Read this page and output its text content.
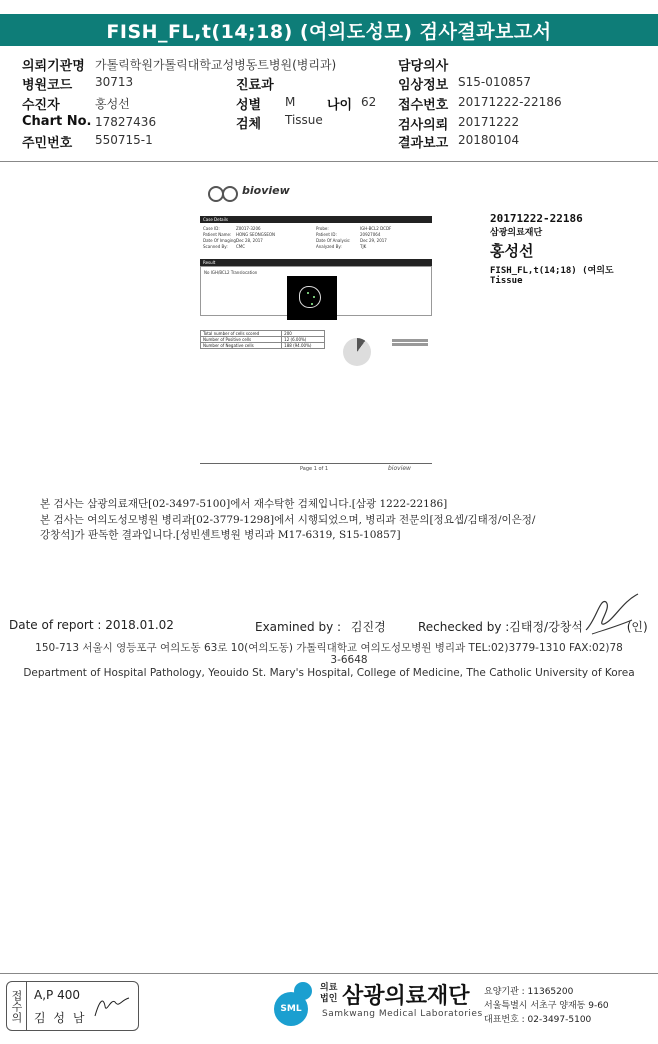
FISH_FL,t(14;18) (여의도성모) 검사결과보고서
의뢰기관명 가톨릭학원가톨릭대학교성병동트병원(병리과)
병원코드 30713
수진자	홍성선
Chart No. 17827436
주민번호 550715-1
진료과
성별 M 나이 62
검체 Tissue
담당의사
임상정보 S15-010857
접수번호 20171222-22186
검사의뢰 20171222
결과보고 20180104
bioview
Case Details
Case ID:	Z0017-3206
Patient Name: HONG SEONGSEON
Date Of Imaging:
Dec 28, 2017
Scanned By: CMC
Probe:	IGH-BCL2 DCDF
Patient ID:	20927064
Date Of Analysis: Dec 29, 2017
Analyzed By:	TJK
Result
No IGH/BCL2 Translocation
Total number of cells scored	200
Number of Positive cells	12 (6.00%)
Number of Negative cells	188 (94.00%)
Page 1 of 1	bioview
20171222-22186
삼광의료재단
홍성선
FISH_FL,t(14;18) (여의도
Tissue
본 검사는 삼광의료재단[02-3497-5100]에서 재수탁한 검체입니다.[삼광 1222-22186]
본 검사는 여의도성모병원 병리과[02-3779-1298]에서 시행되었으며, 병리과 전문의[정요셉/김태정/이은정/
강창석]가 판독한 결과입니다.[성빈센트병원 병리과 M17-6319, S15-10857]
Date of report : 2018.01.02	Examined by : 김진경	Rechecked by :김태정/강창석	(인)
150-713 서울시 영등포구 여의도동 63로 10(여의도동) 가톨릭대학교 여의도성모병원 병리과 TEL:02)3779-1310 FAX:02)78
3-6648
Department of Hospital Pathology, Yeouido St. Mary's Hospital, College of Medicine, The Catholic University of Korea
접수의 A,P 400
김 성 남
SML
의료
법인 삼광의료재단
Samkwang Medical Laboratories
요양기관 : 11365200
서울특별시 서초구 양재동 9-60
대표번호 : 02-3497-5100
